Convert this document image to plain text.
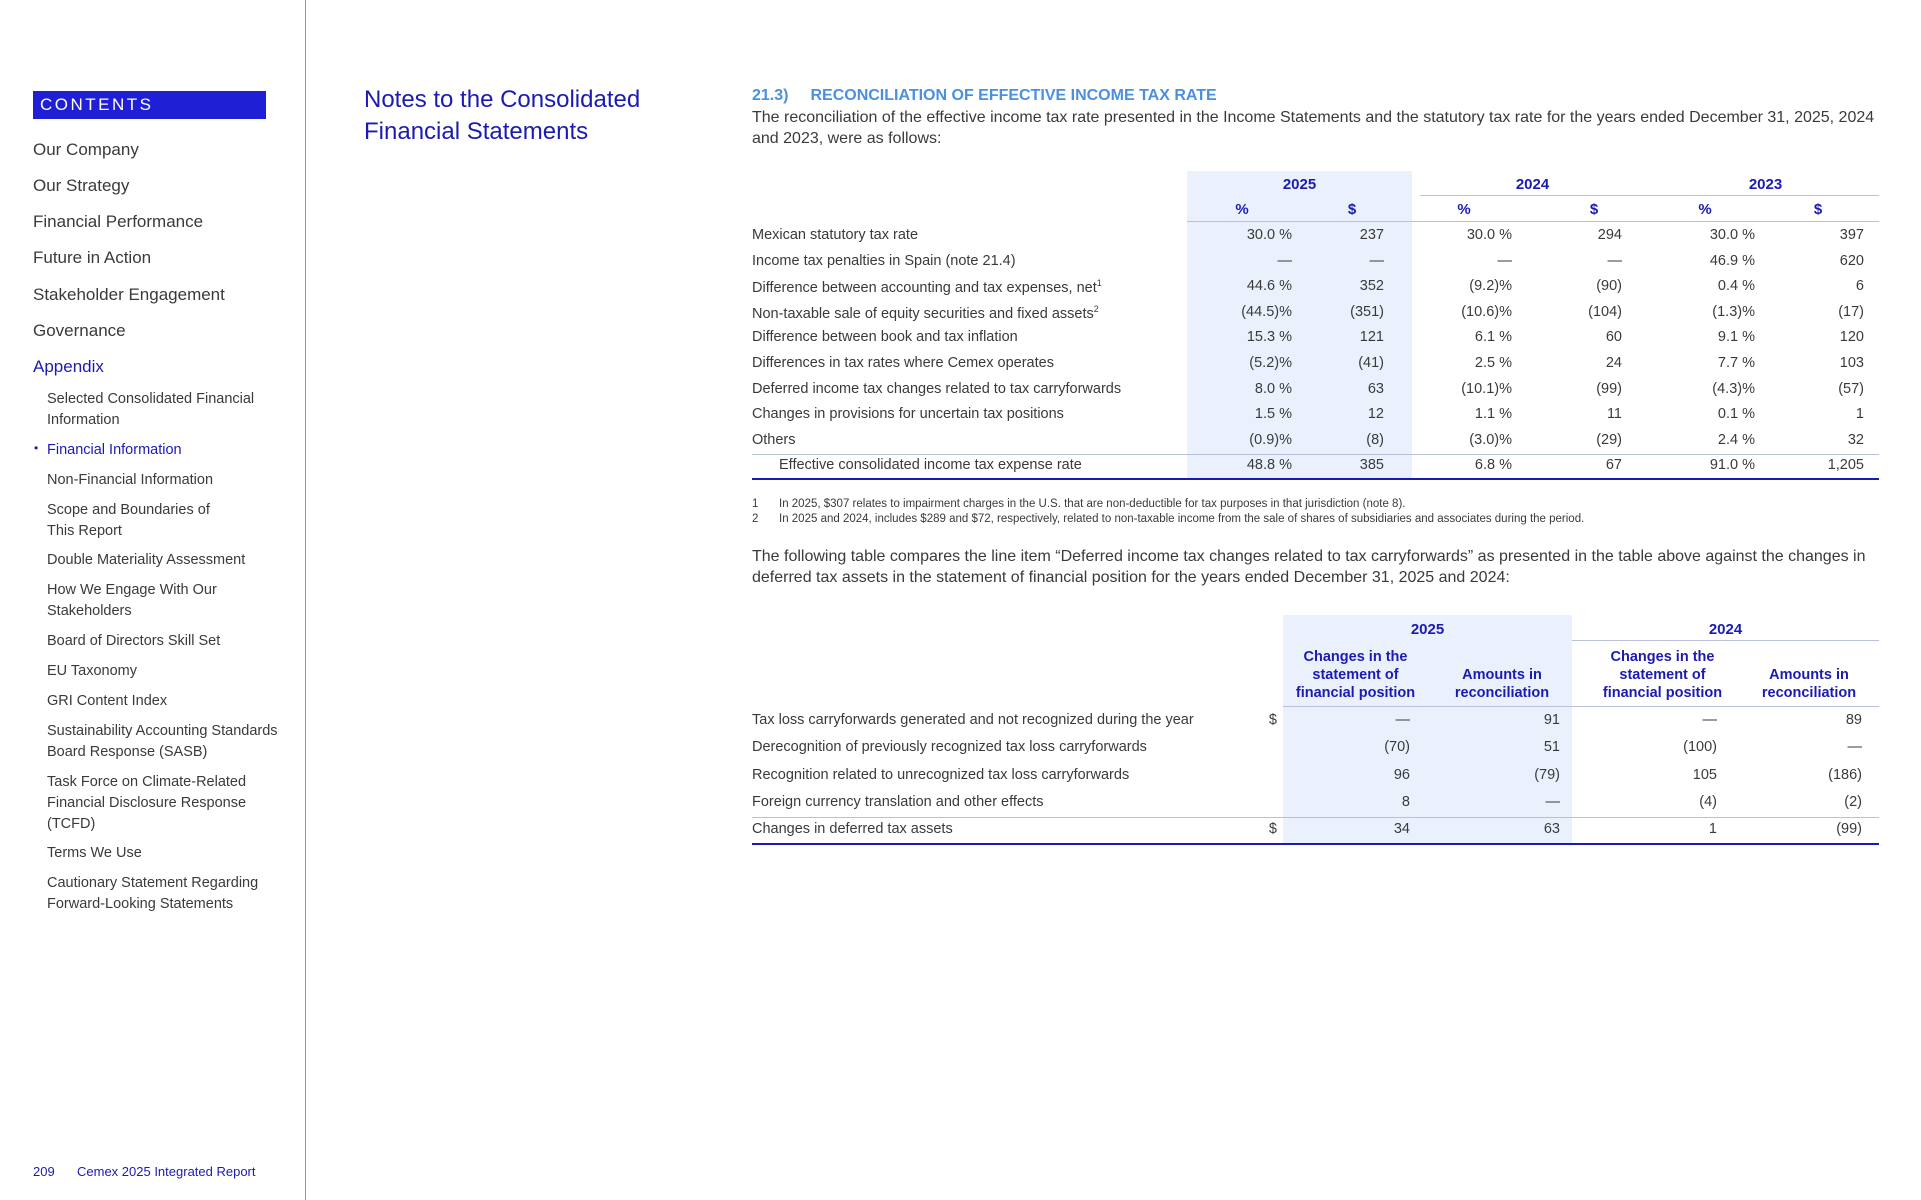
CONTENTS
Our Company
Our Strategy
Financial Performance
Future in Action
Stakeholder Engagement
Governance
Appendix
Selected Consolidated Financial Information
• Financial Information
Non-Financial Information
Scope and Boundaries of This Report
Double Materiality Assessment
How We Engage With Our Stakeholders
Board of Directors Skill Set
EU Taxonomy
GRI Content Index
Sustainability Accounting Standards Board Response (SASB)
Task Force on Climate-Related Financial Disclosure Response (TCFD)
Terms We Use
Cautionary Statement Regarding Forward-Looking Statements
209 Cemex 2025 Integrated Report
Notes to the Consolidated Financial Statements
21.3) RECONCILIATION OF EFFECTIVE INCOME TAX RATE
The reconciliation of the effective income tax rate presented in the Income Statements and the statutory tax rate for the years ended December 31, 2025, 2024 and 2023, were as follows:
2025	2024	2023
%	$	%	$	%	$
Mexican statutory tax rate	30.0 %	237	30.0 %	294	30.0 %	397
Income tax penalties in Spain (note 21.4)	—	—	—	—	46.9 %	620
Difference between accounting and tax expenses, net$^1$	44.6 %	352	(9.2)%	(90)	0.4 %	6
Non-taxable sale of equity securities and fixed assets$^2$	(44.5)%	(351)	(10.6)%	(104)	(1.3)%	(17)
Difference between book and tax inflation	15.3 %	121	6.1 %	60	9.1 %	120
Differences in tax rates where Cemex operates	(5.2)%	(41)	2.5 %	24	7.7 %	103
Deferred income tax changes related to tax carryforwards	8.0 %	63	(10.1)%	(99)	(4.3)%	(57)
Changes in provisions for uncertain tax positions	1.5 %	12	1.1 %	11	0.1 %	1
Others	(0.9)%	(8)	(3.0)%	(29)	2.4 %	32
Effective consolidated income tax expense rate	48.8 %	385	6.8 %	67	91.0 %	1,205
1 In 2025, $307 relates to impairment charges in the U.S. that are non-deductible for tax purposes in that jurisdiction (note 8).
2 In 2025 and 2024, includes $289 and $72, respectively, related to non-taxable income from the sale of shares of subsidiaries and associates during the period.
The following table compares the line item “Deferred income tax changes related to tax carryforwards” as presented in the table above against the changes in deferred tax assets in the statement of financial position for the years ended December 31, 2025 and 2024:
2025	2024
Changes in the statement of financial position
Amounts in reconciliation
Changes in the statement of financial position
Amounts in reconciliation
Tax loss carryforwards generated and not recognized during the year	$	—	91	—	89
Derecognition of previously recognized tax loss carryforwards	(70)	51	(100)	—
Recognition related to unrecognized tax loss carryforwards	96	(79)	105	(186)
Foreign currency translation and other effects	8	—	(4)	(2)
Changes in deferred tax assets	$	34	63	1	(99)
